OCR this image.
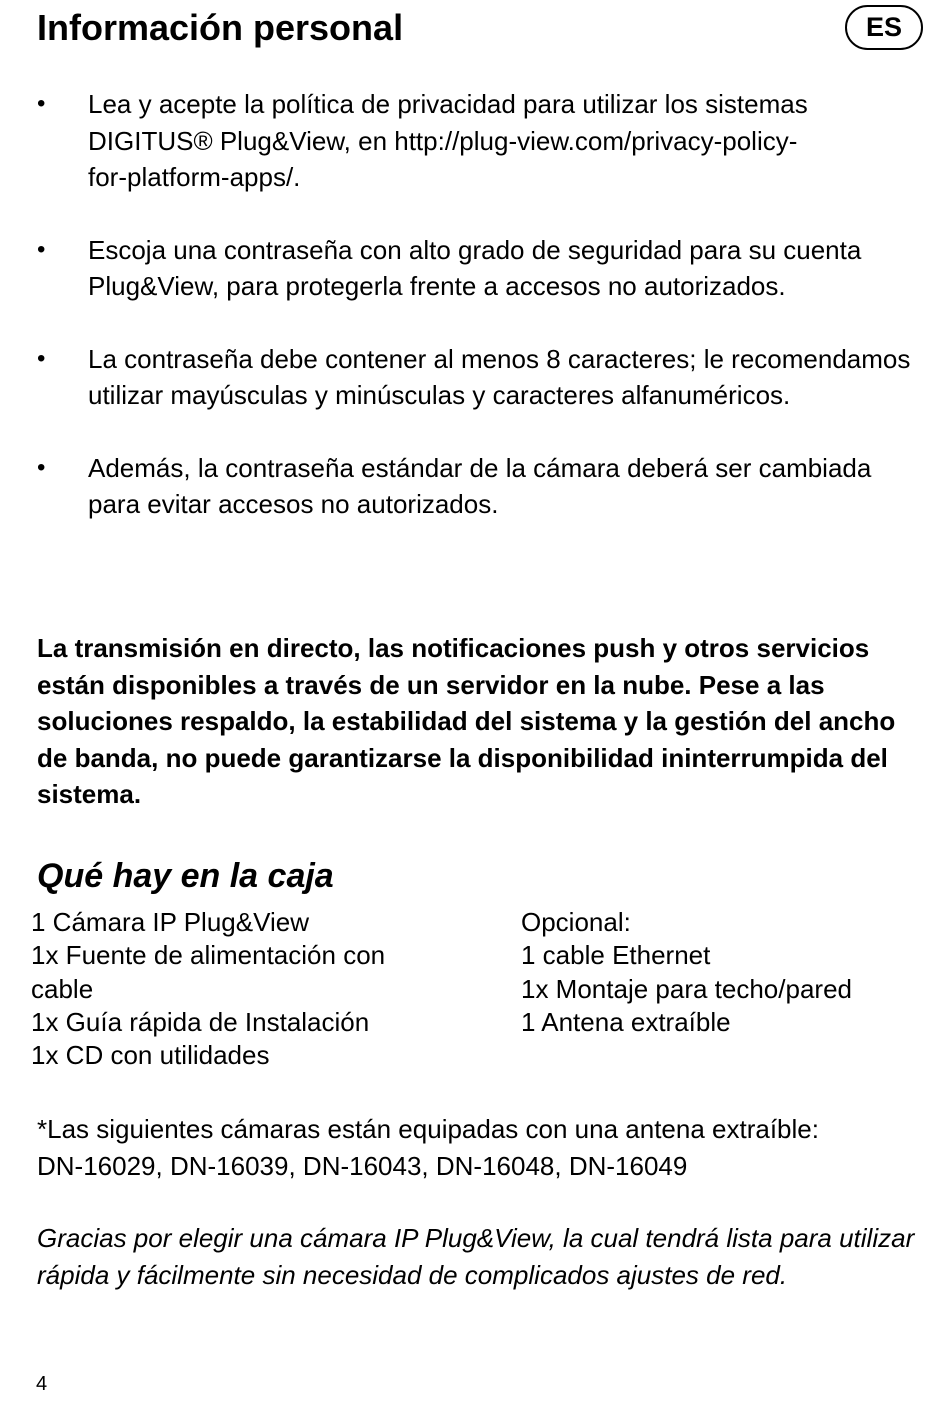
Información personal	ES
• Lea y acepte la política de privacidad para utilizar los sistemas DIGITUS® Plug&View, en http://plug-view.com/privacy-policy-
for-platform-apps/.
• Escoja una contraseña con alto grado de seguridad para su cuenta Plug&View, para protegerla frente a accesos no autorizados.
• La contraseña debe contener al menos 8 caracteres; le recomendamos utilizar mayúsculas y minúsculas y caracteres alfanuméricos.
• Además, la contraseña estándar de la cámara deberá ser cambiada para evitar accesos no autorizados.

La transmisión en directo, las notificaciones push y otros servicios están disponibles a través de un servidor en la nube. Pese a las soluciones respaldo, la estabilidad del sistema y la gestión del ancho de banda, no puede garantizarse la disponibilidad ininterrumpida del sistema.

Qué hay en la caja
1 Cámara IP Plug&View
1x Fuente de alimentación con cable
1x Guía rápida de Instalación
1x CD con utilidades
Opcional:
1 cable Ethernet
1x Montaje para techo/pared
1 Antena extraíble

*Las siguientes cámaras están equipadas con una antena extraíble:
DN-16029, DN-16039, DN-16043, DN-16048, DN-16049

Gracias por elegir una cámara IP Plug&View, la cual tendrá lista para utilizar rápida y fácilmente sin necesidad de complicados ajustes de red.

4
